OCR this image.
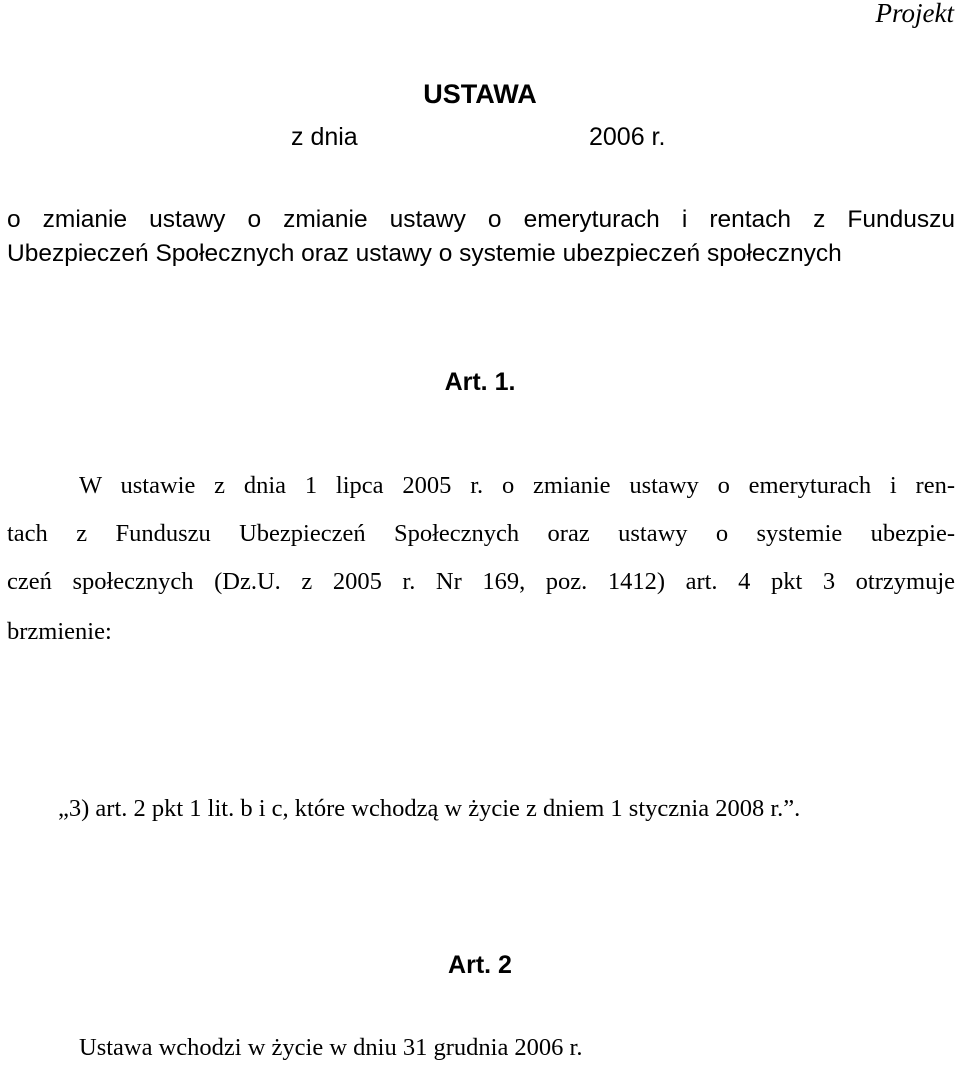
Projekt
USTAWA
z dnia	2006 r.
o zmianie ustawy o zmianie ustawy o emeryturach i rentach z Funduszu
Ubezpieczeń Społecznych oraz ustawy o systemie ubezpieczeń społecznych
Art. 1.
W ustawie z dnia 1 lipca 2005 r. o zmianie ustawy o emeryturach i ren-
tach z Funduszu Ubezpieczeń Społecznych oraz ustawy o systemie ubezpie-
czeń społecznych (Dz.U. z 2005 r. Nr 169, poz. 1412) art. 4 pkt 3 otrzymuje
brzmienie:
„3) art. 2 pkt 1 lit. b i c, które wchodzą w życie z dniem 1 stycznia 2008 r.”.
Art. 2
Ustawa wchodzi w życie w dniu 31 grudnia 2006 r.
